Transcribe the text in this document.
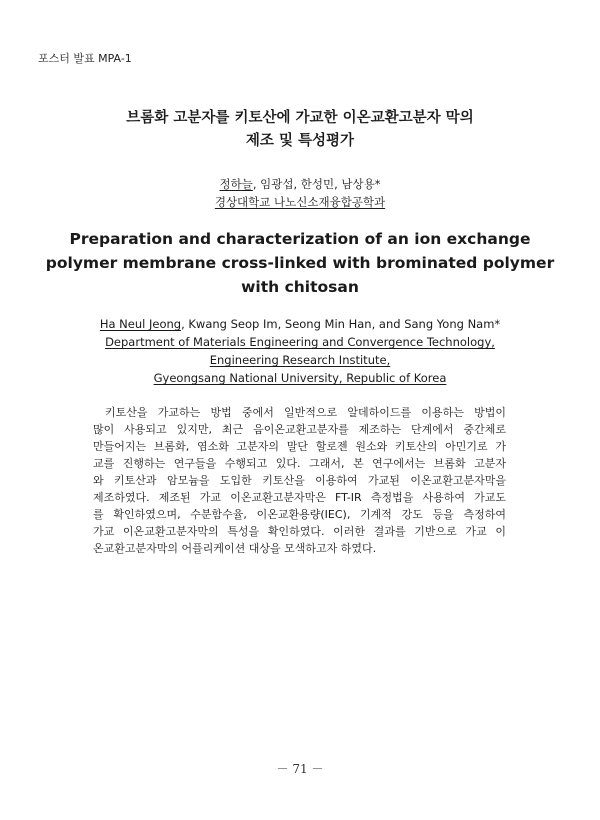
포스터 발표 MPA-1
브롬화 고분자를 키토산에 가교한 이온교환고분자 막의
제조 및 특성평가
정하늘, 임광섭, 한성민, 남상용*
경상대학교 나노신소재융합공학과
Preparation and characterization of an ion exchange
polymer membrane cross-linked with brominated polymer
with chitosan
Ha Neul Jeong, Kwang Seop Im, Seong Min Han, and Sang Yong Nam*
Department of Materials Engineering and Convergence Technology,
Engineering Research Institute,
Gyeongsang National University, Republic of Korea
키토산을 가교하는 방법 중에서 일반적으로 알데하이드를 이용하는 방법이
많이 사용되고 있지만, 최근 음이온교환고분자를 제조하는 단계에서 중간체로
만들어지는 브롬화, 염소화 고분자의 말단 할로젠 원소와 키토산의 아민기로 가
교를 진행하는 연구들을 수행되고 있다. 그래서, 본 연구에서는 브롬화 고분자
와 키토산과 암모늄을 도입한 키토산을 이용하여 가교된 이온교환고분자막을
제조하였다. 제조된 가교 이온교환고분자막은 FT-IR 측정법을 사용하여 가교도
를 확인하였으며, 수분함수율, 이온교환용량(IEC), 기계적 강도 등을 측정하여
가교 이온교환고분자막의 특성을 확인하였다. 이러한 결과를 기반으로 가교 이
온교환고분자막의 어플리케이션 대상을 모색하고자 하였다.
－ 71 －
